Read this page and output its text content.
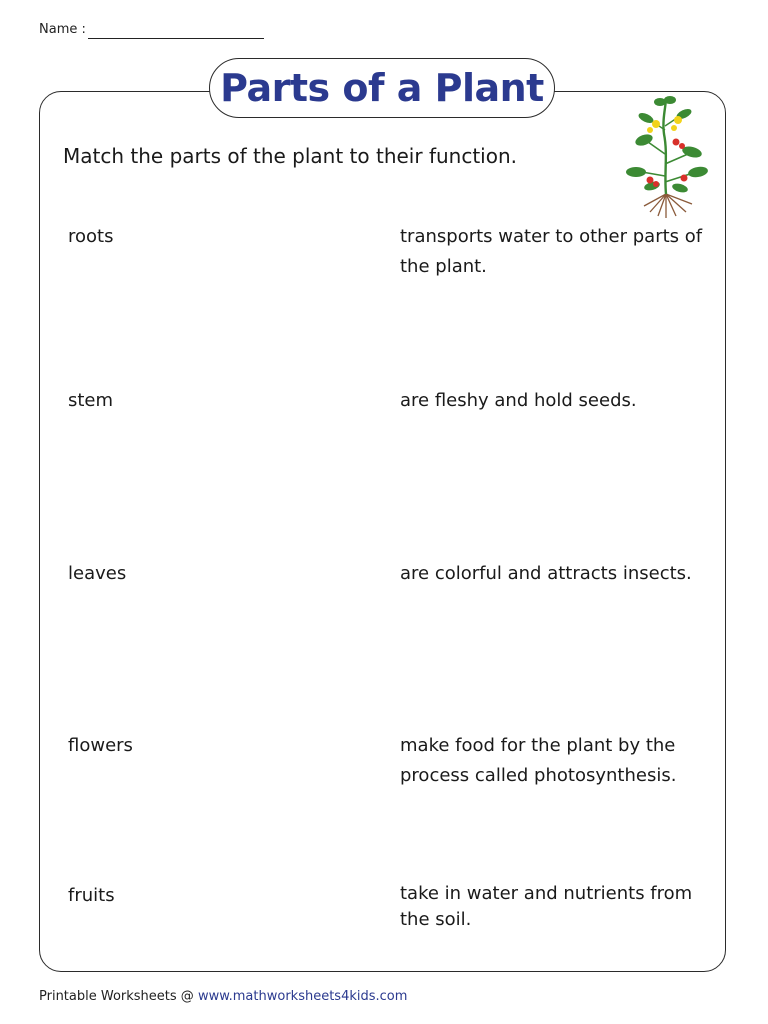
Name :
Parts of a Plant
Match the parts of the plant to their function.
roots
stem
leaves
flowers
fruits
transports water to other parts of the plant.
are fleshy and hold seeds.
are colorful and attracts insects.
make food for the plant by the process called photosynthesis.
take in water and nutrients from the soil.
Printable Worksheets @ www.mathworksheets4kids.com
